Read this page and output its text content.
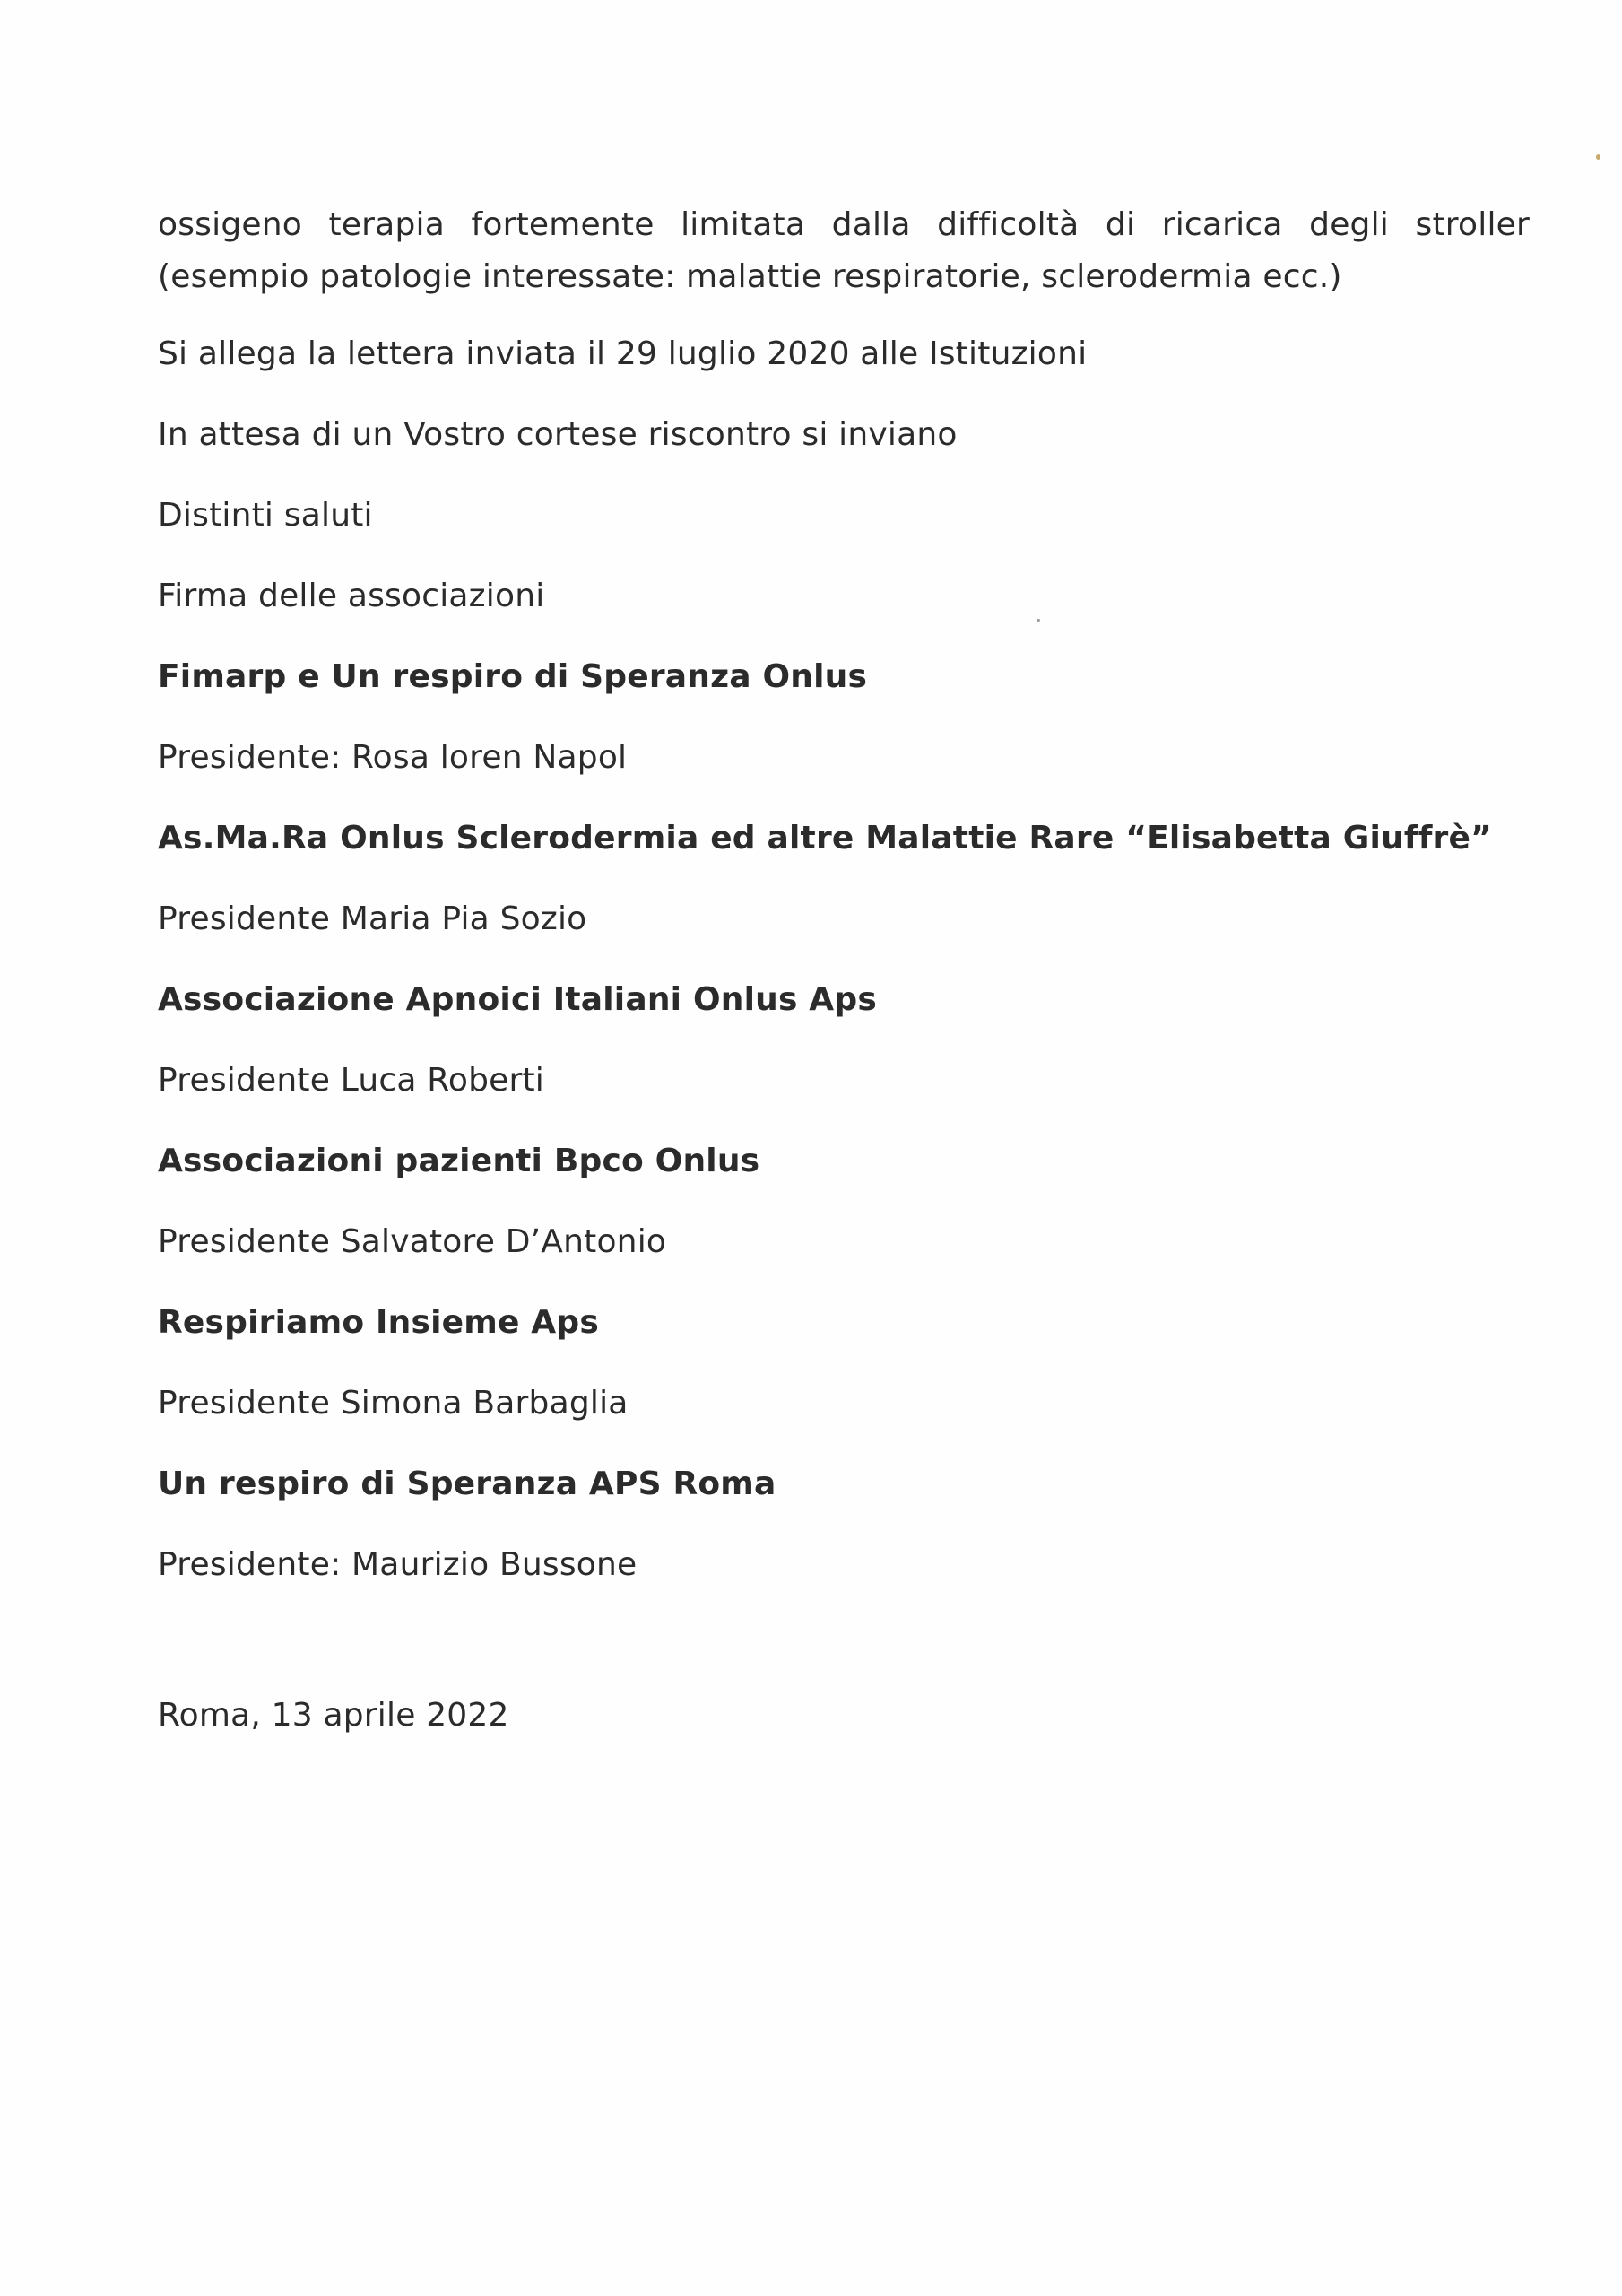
ossigeno terapia fortemente limitata dalla difficoltà di ricarica degli stroller (esempio patologie interessate: malattie respiratorie, sclerodermia ecc.)

Si allega la lettera inviata il 29 luglio 2020 alle Istituzioni

In attesa di un Vostro cortese riscontro si inviano

Distinti saluti

Firma delle associazioni

Fimarp e Un respiro di Speranza Onlus

Presidente: Rosa loren Napol

As.Ma.Ra Onlus Sclerodermia ed altre Malattie Rare “Elisabetta Giuffrè”

Presidente Maria Pia Sozio

Associazione Apnoici Italiani Onlus Aps

Presidente Luca Roberti

Associazioni pazienti Bpco Onlus

Presidente Salvatore D’Antonio

Respiriamo Insieme Aps

Presidente Simona Barbaglia

Un respiro di Speranza APS Roma

Presidente: Maurizio Bussone

Roma, 13 aprile 2022
